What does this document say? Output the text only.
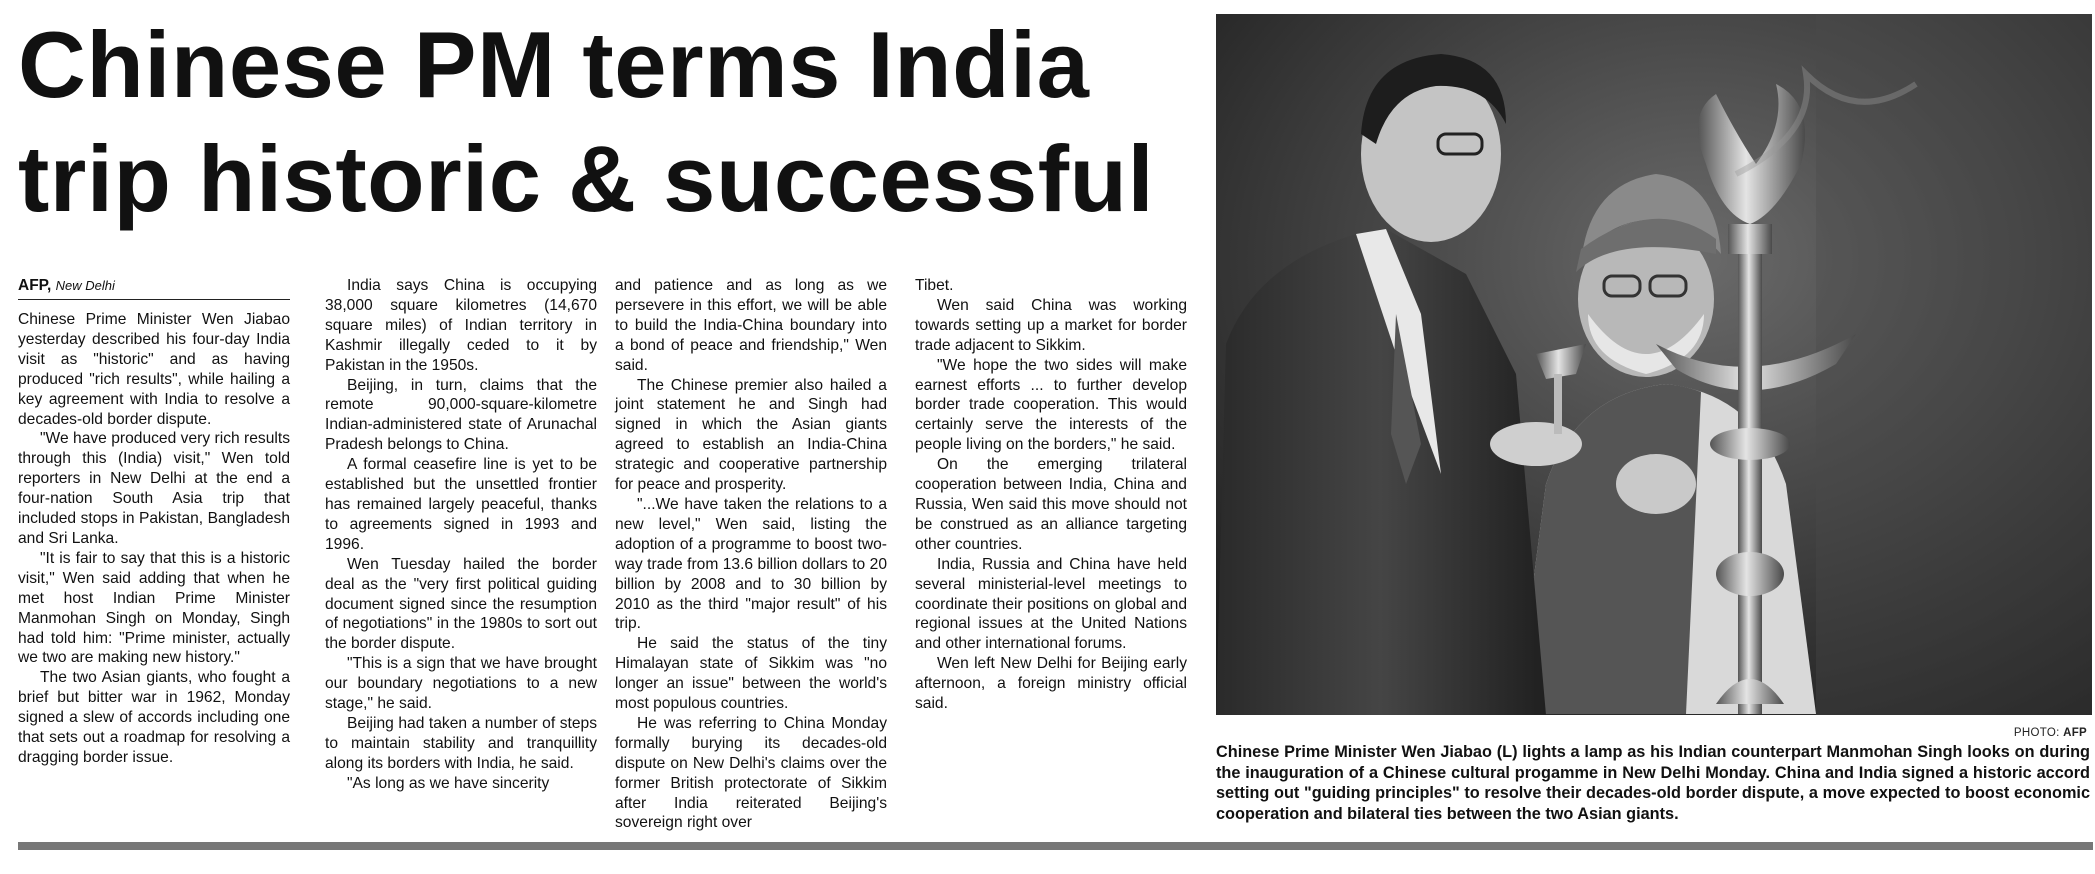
Chinese PM terms India
trip historic & successful
AFP, New Delhi

Chinese Prime Minister Wen Jiabao yesterday described his four-day India visit as "historic" and as having produced "rich results", while hailing a key agreement with India to resolve a decades-old border dispute.

"We have produced very rich results through this (India) visit," Wen told reporters in New Delhi at the end a four-nation South Asia trip that included stops in Pakistan, Bangladesh and Sri Lanka.

"It is fair to say that this is a historic visit," Wen said adding that when he met host Indian Prime Minister Manmohan Singh on Monday, Singh had told him: "Prime minister, actually we two are making new history."

The two Asian giants, who fought a brief but bitter war in 1962, Monday signed a slew of accords including one that sets out a roadmap for resolving a dragging border issue.

India says China is occupying 38,000 square kilometres (14,670 square miles) of Indian territory in Kashmir illegally ceded to it by Pakistan in the 1950s.

Beijing, in turn, claims that the remote 90,000-square-kilometre Indian-administered state of Arunachal Pradesh belongs to China.

A formal ceasefire line is yet to be established but the unsettled frontier has remained largely peaceful, thanks to agreements signed in 1993 and 1996.

Wen Tuesday hailed the border deal as the "very first political guiding document signed since the resumption of negotiations" in the 1980s to sort out the border dispute.

"This is a sign that we have brought our boundary negotiations to a new stage," he said.

Beijing had taken a number of steps to maintain stability and tranquillity along its borders with India, he said.

"As long as we have sincerity

and patience and as long as we persevere in this effort, we will be able to build the India-China boundary into a bond of peace and friendship," Wen said.

The Chinese premier also hailed a joint statement he and Singh had signed in which the Asian giants agreed to establish an India-China strategic and cooperative partnership for peace and prosperity.

"...We have taken the relations to a new level," Wen said, listing the adoption of a programme to boost two-way trade from 13.6 billion dollars to 20 billion by 2008 and to 30 billion by 2010 as the third "major result" of his trip.

He said the status of the tiny Himalayan state of Sikkim was "no longer an issue" between the world's most populous countries.

He was referring to China Monday formally burying its decades-old dispute on New Delhi's claims over the former British protectorate of Sikkim after India reiterated Beijing's sovereign right over

Tibet.

Wen said China was working towards setting up a market for border trade adjacent to Sikkim.

"We hope the two sides will make earnest efforts ... to further develop border trade cooperation. This would certainly serve the interests of the people living on the borders," he said.

On the emerging trilateral cooperation between India, China and Russia, Wen said this move should not be construed as an alliance targeting other countries.

India, Russia and China have held several ministerial-level meetings to coordinate their positions on global and regional issues at the United Nations and other international forums.

Wen left New Delhi for Beijing early afternoon, a foreign ministry official said.

PHOTO: AFP
Chinese Prime Minister Wen Jiabao (L) lights a lamp as his Indian counterpart Manmohan Singh looks on during the inauguration of a Chinese cultural progamme in New Delhi Monday. China and India signed a historic accord setting out "guiding principles" to resolve their decades-old border dispute, a move expected to boost economic cooperation and bilateral ties between the two Asian giants.
